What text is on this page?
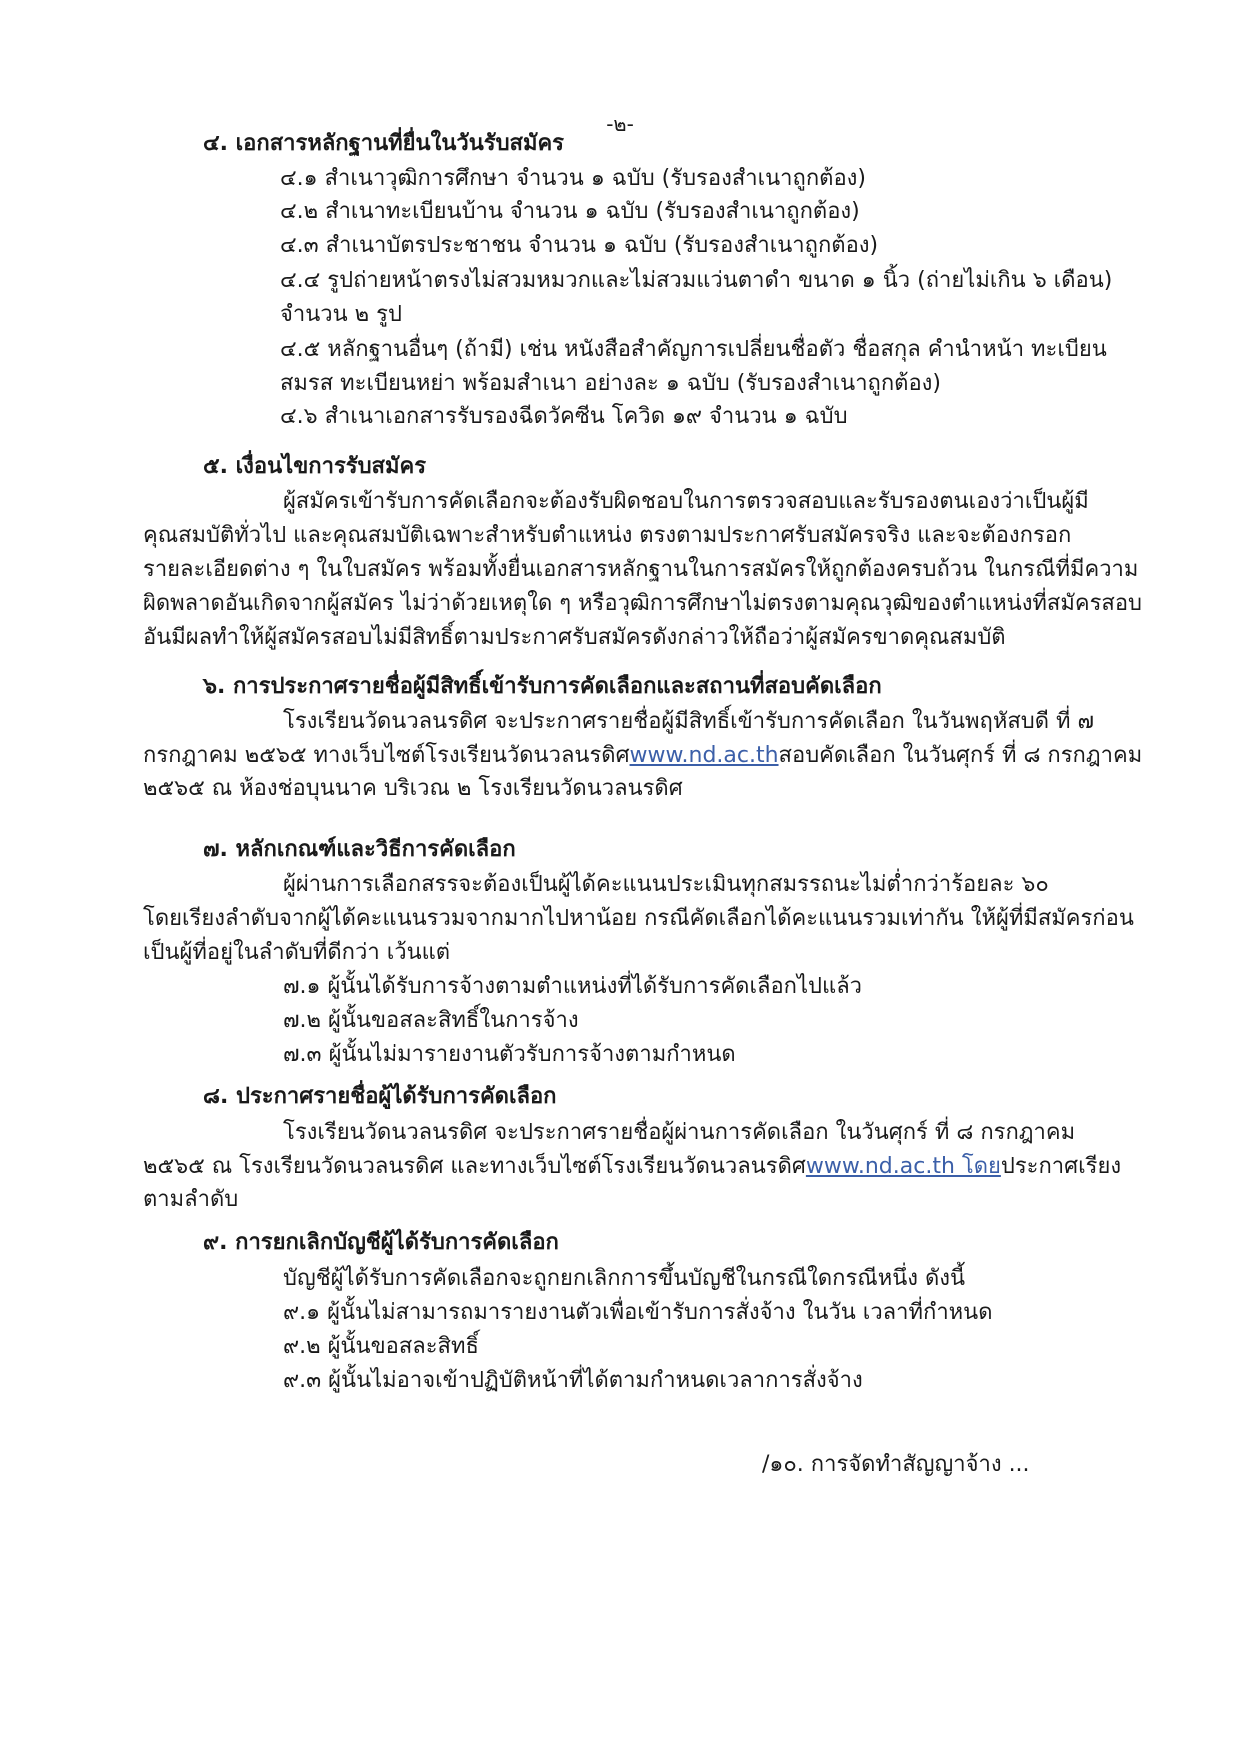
-๒-
๔. เอกสารหลักฐานที่ยื่นในวันรับสมัคร
๔.๑ สำเนาวุฒิการศึกษา จำนวน ๑ ฉบับ (รับรองสำเนาถูกต้อง)
๔.๒ สำเนาทะเบียนบ้าน จำนวน ๑ ฉบับ (รับรองสำเนาถูกต้อง)
๔.๓ สำเนาบัตรประชาชน จำนวน ๑ ฉบับ (รับรองสำเนาถูกต้อง)
๔.๔ รูปถ่ายหน้าตรงไม่สวมหมวกและไม่สวมแว่นตาดำ ขนาด ๑ นิ้ว (ถ่ายไม่เกิน ๖ เดือน)
จำนวน ๒ รูป
๔.๕ หลักฐานอื่นๆ (ถ้ามี) เช่น หนังสือสำคัญการเปลี่ยนชื่อตัว ชื่อสกุล คำนำหน้า ทะเบียน
สมรส ทะเบียนหย่า พร้อมสำเนา อย่างละ ๑ ฉบับ (รับรองสำเนาถูกต้อง)
๔.๖ สำเนาเอกสารรับรองฉีดวัคซีน โควิด ๑๙ จำนวน ๑ ฉบับ
๕. เงื่อนไขการรับสมัคร
ผู้สมัครเข้ารับการคัดเลือกจะต้องรับผิดชอบในการตรวจสอบและรับรองตนเองว่าเป็นผู้มี
คุณสมบัติทั่วไป และคุณสมบัติเฉพาะสำหรับตำแหน่ง ตรงตามประกาศรับสมัครจริง และจะต้องกรอก
รายละเอียดต่าง ๆ ในใบสมัคร พร้อมทั้งยื่นเอกสารหลักฐานในการสมัครให้ถูกต้องครบถ้วน ในกรณีที่มีความ
ผิดพลาดอันเกิดจากผู้สมัคร ไม่ว่าด้วยเหตุใด ๆ หรือวุฒิการศึกษาไม่ตรงตามคุณวุฒิของตำแหน่งที่สมัครสอบ
อันมีผลทำให้ผู้สมัครสอบไม่มีสิทธิ์ตามประกาศรับสมัครดังกล่าวให้ถือว่าผู้สมัครขาดคุณสมบัติ
๖. การประกาศรายชื่อผู้มีสิทธิ์เข้ารับการคัดเลือกและสถานที่สอบคัดเลือก
โรงเรียนวัดนวลนรดิศ จะประกาศรายชื่อผู้มีสิทธิ์เข้ารับการคัดเลือก ในวันพฤหัสบดี ที่ ๗
กรกฎาคม ๒๕๖๕ ทางเว็บไซต์โรงเรียนวัดนวลนรดิศ www.nd.ac.th สอบคัดเลือก ในวันศุกร์ ที่ ๘ กรกฎาคม
๒๕๖๕ ณ ห้องช่อบุนนาค บริเวณ ๒ โรงเรียนวัดนวลนรดิศ
๗. หลักเกณฑ์และวิธีการคัดเลือก
ผู้ผ่านการเลือกสรรจะต้องเป็นผู้ได้คะแนนประเมินทุกสมรรถนะไม่ต่ำกว่าร้อยละ ๖๐
โดยเรียงลำดับจากผู้ได้คะแนนรวมจากมากไปหาน้อย กรณีคัดเลือกได้คะแนนรวมเท่ากัน ให้ผู้ที่มีสมัครก่อน
เป็นผู้ที่อยู่ในลำดับที่ดีกว่า เว้นแต่
๗.๑ ผู้นั้นได้รับการจ้างตามตำแหน่งที่ได้รับการคัดเลือกไปแล้ว
๗.๒ ผู้นั้นขอสละสิทธิ์ในการจ้าง
๗.๓ ผู้นั้นไม่มารายงานตัวรับการจ้างตามกำหนด
๘. ประกาศรายชื่อผู้ได้รับการคัดเลือก
โรงเรียนวัดนวลนรดิศ จะประกาศรายชื่อผู้ผ่านการคัดเลือก ในวันศุกร์ ที่ ๘ กรกฎาคม
๒๕๖๕ ณ โรงเรียนวัดนวลนรดิศ และทางเว็บไซต์โรงเรียนวัดนวลนรดิศ www.nd.ac.th โดย ประกาศเรียง
ตามลำดับ
๙. การยกเลิกบัญชีผู้ได้รับการคัดเลือก
บัญชีผู้ได้รับการคัดเลือกจะถูกยกเลิกการขึ้นบัญชีในกรณีใดกรณีหนึ่ง ดังนี้
๙.๑ ผู้นั้นไม่สามารถมารายงานตัวเพื่อเข้ารับการสั่งจ้าง ในวัน เวลาที่กำหนด
๙.๒ ผู้นั้นขอสละสิทธิ์
๙.๓ ผู้นั้นไม่อาจเข้าปฏิบัติหน้าที่ได้ตามกำหนดเวลาการสั่งจ้าง
/๑๐. การจัดทำสัญญาจ้าง ...
